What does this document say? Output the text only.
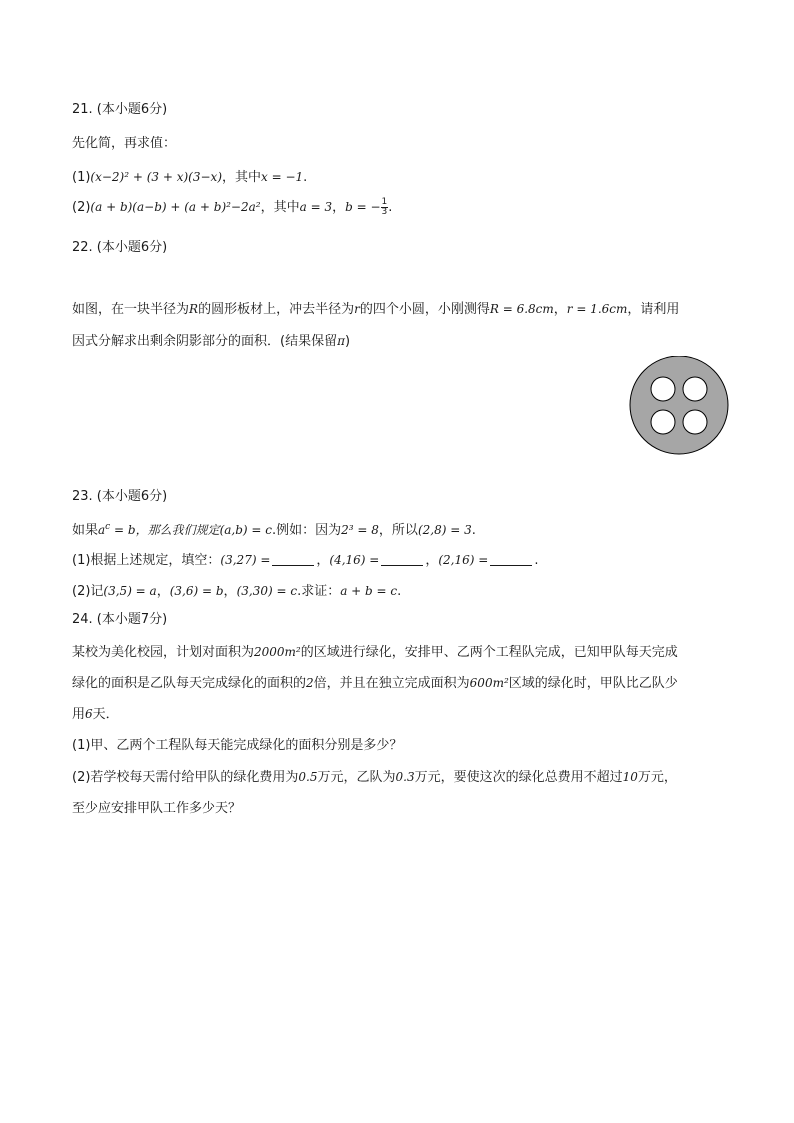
21. (本小题6分)
先化简，再求值：
(1)(x−2)² + (3 + x)(3−x)，其中x = −1.
(2)(a + b)(a−b) + (a + b)²−2a²，其中a = 3，b = − $\frac{1}{3}$ .
22. (本小题6分)
如图，在一块半径为R的圆形板材上，冲去半径为r的四个小圆，小刚测得R = 6.8cm，r = 1.6cm，请利用
因式分解求出剩余阴影部分的面积．(结果保留π)
23. (本小题6分)
如果$a^c = b$，那么我们规定(a,b) = c.例如：因为2³ = 8，所以(2,8) = 3.
(1)根据上述规定，填空：(3,27) =	，(4,16) =	，(2,16) =	.
(2)记(3,5) = a，(3,6) = b，(3,30) = c.求证：a + b = c.
24. (本小题7分)
某校为美化校园，计划对面积为2000m²的区域进行绿化，安排甲、乙两个工程队完成，已知甲队每天完成
绿化的面积是乙队每天完成绿化的面积的2倍，并且在独立完成面积为600m²区域的绿化时，甲队比乙队少
用6天．
(1)甲、乙两个工程队每天能完成绿化的面积分别是多少？
(2)若学校每天需付给甲队的绿化费用为0.5万元，乙队为0.3万元，要使这次的绿化总费用不超过10万元，
至少应安排甲队工作多少天？
